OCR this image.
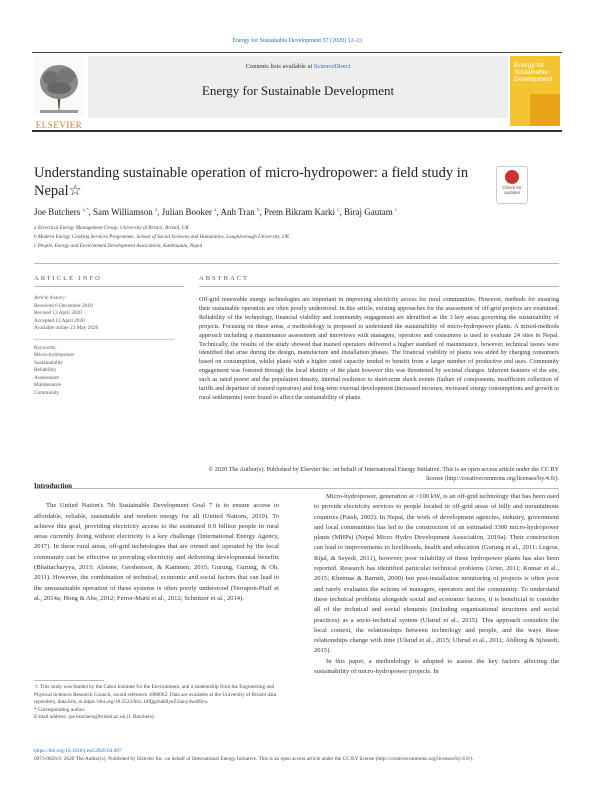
Energy for Sustainable Development 57 (2020) 12–21
ELSEVIER
Contents lists available at ScienceDirect
Energy for Sustainable Development
Energy for Sustainable Development
Understanding sustainable operation of micro-hydropower: a field study in Nepal☆	Check for updates
Joe Butchers $^{a,*}$, Sam Williamson $^a$, Julian Booker $^a$, Anh Tran $^b$, Prem Bikram Karki $^c$, Biraj Gautam $^c$
a Electrical Energy Management Group, University of Bristol, Bristol, UK
b Modern Energy Cooking Services Programme, School of Social Sciences and Humanities, Loughborough University, UK
c People, Energy and Environment Development Association, Kathmandu, Nepal
ARTICLE INFO	ABSTRACT
Article history:
Received 6 December 2019
Revised 13 April 2020
Accepted 13 April 2020
Available online 23 May 2020
Keywords:
Micro-hydropower
Sustainability
Reliability
Assessment
Maintenance
Community
Off-grid renewable energy technologies are important in improving electricity access for rural communities. However, methods for ensuring their sustainable operation are often poorly understood. In this article, existing approaches for the assessment of off-grid projects are examined. Reliability of the technology, financial viability and community engagement are identified as the 3 key areas governing the sustainability of projects. Focusing on these areas, a methodology is proposed to understand the sustainability of micro-hydropower plants. A mixed-methods approach including a maintenance assessment and interviews with managers, operators and consumers is used to evaluate 24 sites in Nepal. Technically, the results of the study showed that trained operators delivered a higher standard of maintenance, however, technical issues were identified that arise during the design, manufacture and installation phases. The financial viability of plants was aided by charging consumers based on consumption, whilst plants with a higher rated capacity tended to benefit from a larger number of productive end uses. Community engagement was fostered through the local identity of the plant however this was threatened by societal changes. Inherent features of the site, such as rated power and the population density, internal resilience to short-term shock events (failure of components, insufficient collection of tariffs and departure of trained operators) and long-term external development (increased incomes, increased energy consumptions and growth in rural settlements) were found to affect the sustainability of plants.
© 2020 The Author(s). Published by Elsevier Inc. on behalf of International Energy Initiative. This is an open access article under the CC BY license (http://creativecommons.org/licenses/by/4.0/).
Introduction

The United Nation's 7th Sustainable Development Goal 7 is to ensure access to affordable, reliable, sustainable and modern energy for all (United Nations, 2019). To achieve this goal, providing electricity access to the estimated 0.9 billion people in rural areas currently living without electricity is a key challenge (International Energy Agency, 2017). In these rural areas, off-grid technologies that are owned and operated by the local community can be effective in providing electricity and delivering developmental benefits (Bhattacharyya, 2013; Alstone, Gershenson, & Kammen, 2015; Gurung, Gurung, & Oh, 2011). However, the combination of technical, economic and social factors that can lead to the unsustainable operation of these systems is often poorly understood (Terrapon-Pfaff et al., 2014a; Hong & Abe, 2012; Ferrer-Martí et al., 2012; Schnitzer et al., 2014).

Micro-hydropower, generation at <100 kW, is an off-grid technology that has been used to provide electricity services to people located in off-grid areas of hilly and mountainous countries (Paish, 2002). In Nepal, the work of development agencies, industry, government and local communities has led to the construction of an estimated 3300 micro-hydropower plants (MHPs) (Nepal Micro Hydro Development Association, 2019a). Their construction can lead to improvements to livelihoods, health and education (Gurung et al., 2011; Legros, Rijal, & Seyedi, 2011), however, poor reliability of these hydropower plants has also been reported. Research has identified particular technical problems (Arter, 2011; Kumar et al., 2015; Khennas & Barnett, 2000) but post-installation monitoring of projects is often poor and rarely evaluates the actions of managers, operators and the community. To understand these technical problems alongside social and economic factors, it is beneficial to consider all of the technical and social elements (including organisational structures and social practices) as a socio-technical system (Ulsrud et al., 2015). This approach considers the local context, the relationships between technology and people, and the ways these relationships change with time (Ulsrud et al., 2015; Ulsrud et al., 2011; Ahlborg & Sjöstedt, 2015).

In this paper, a methodology is adopted to assess the key factors affecting the sustainability of micro-hydropower projects. In

☆ This study was funded by the Cabot Institute for the Environment, and a studentship from the Engineering and Physical Sciences Research Council, award reference 1888062. Data are available at the University of Bristol data repository, data.bris, at https://doi.org/10.5523/bris.1t6fjgzbabllyeZ3iauy4wdt9yu.
* Corresponding author.
E-mail address: joe.butchers@bristol.ac.uk (J. Butchers).
https://doi.org/10.1016/j.esd.2020.04.007
0973-0826/© 2020 The Author(s). Published by Elsevier Inc. on behalf of International Energy Initiative. This is an open access article under the CC BY license (http://creativecommons.org/licenses/by/4.0/).
